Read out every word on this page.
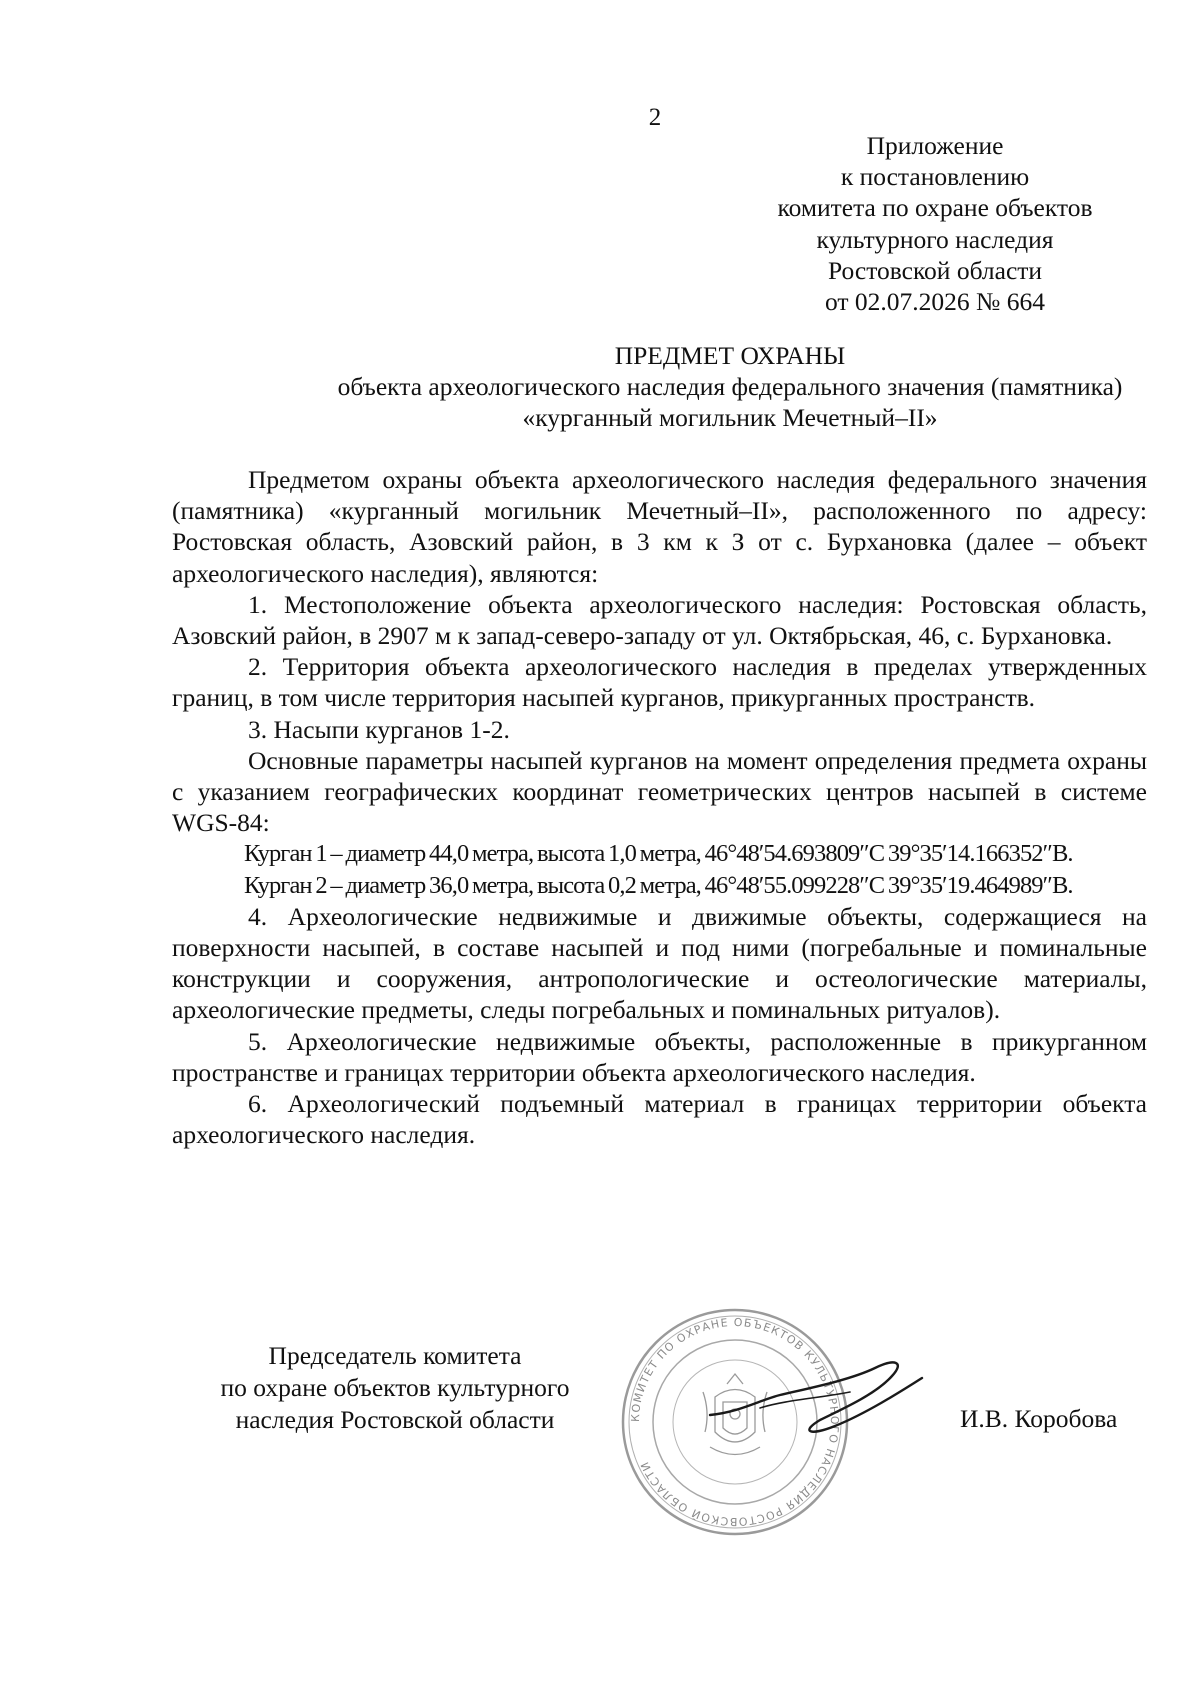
2
Приложение
к постановлению
комитета по охране объектов
культурного наследия
Ростовской области
от 02.07.2026 № 664
ПРЕДМЕТ ОХРАНЫ
объекта археологического наследия федерального значения (памятника)
«курганный могильник Мечетный–II»

Предметом охраны объекта археологического наследия федерального значения (памятника) «курганный могильник Мечетный–II», расположенного по адресу: Ростовская область, Азовский район, в 3 км к З от с. Бурхановка (далее – объект археологического наследия), являются:

1. Местоположение объекта археологического наследия: Ростовская область, Азовский район, в 2907 м к запад-северо-западу от ул. Октябрьская, 46, с. Бурхановка.

2. Территория объекта археологического наследия в пределах утвержденных границ, в том числе территория насыпей курганов, прикурганных пространств.

3. Насыпи курганов 1-2.

Основные параметры насыпей курганов на момент определения предмета охраны с указанием географических координат геометрических центров насыпей в системе WGS-84:

Курган 1 – диаметр 44,0 метра, высота 1,0 метра, 46°48′54.693809″С 39°35′14.166352″В.

Курган 2 – диаметр 36,0 метра, высота 0,2 метра, 46°48′55.099228″С 39°35′19.464989″В.

4. Археологические недвижимые и движимые объекты, содержащиеся на поверхности насыпей, в составе насыпей и под ними (погребальные и поминальные конструкции и сооружения, антропологические и остеологические материалы, археологические предметы, следы погребальных и поминальных ритуалов).

5. Археологические недвижимые объекты, расположенные в прикурганном пространстве и границах территории объекта археологического наследия.

6. Археологический подъемный материал в границах территории объекта археологического наследия.

Председатель комитета
по охране объектов культурного
наследия Ростовской области	КОМИТЕТ ПО ОХРАНЕ ОБЪЕКТОВ КУЛЬТУРНОГО НАСЛЕДИЯ РОСТОВСКОЙ ОБЛАСТИ
И.В. Коробова
